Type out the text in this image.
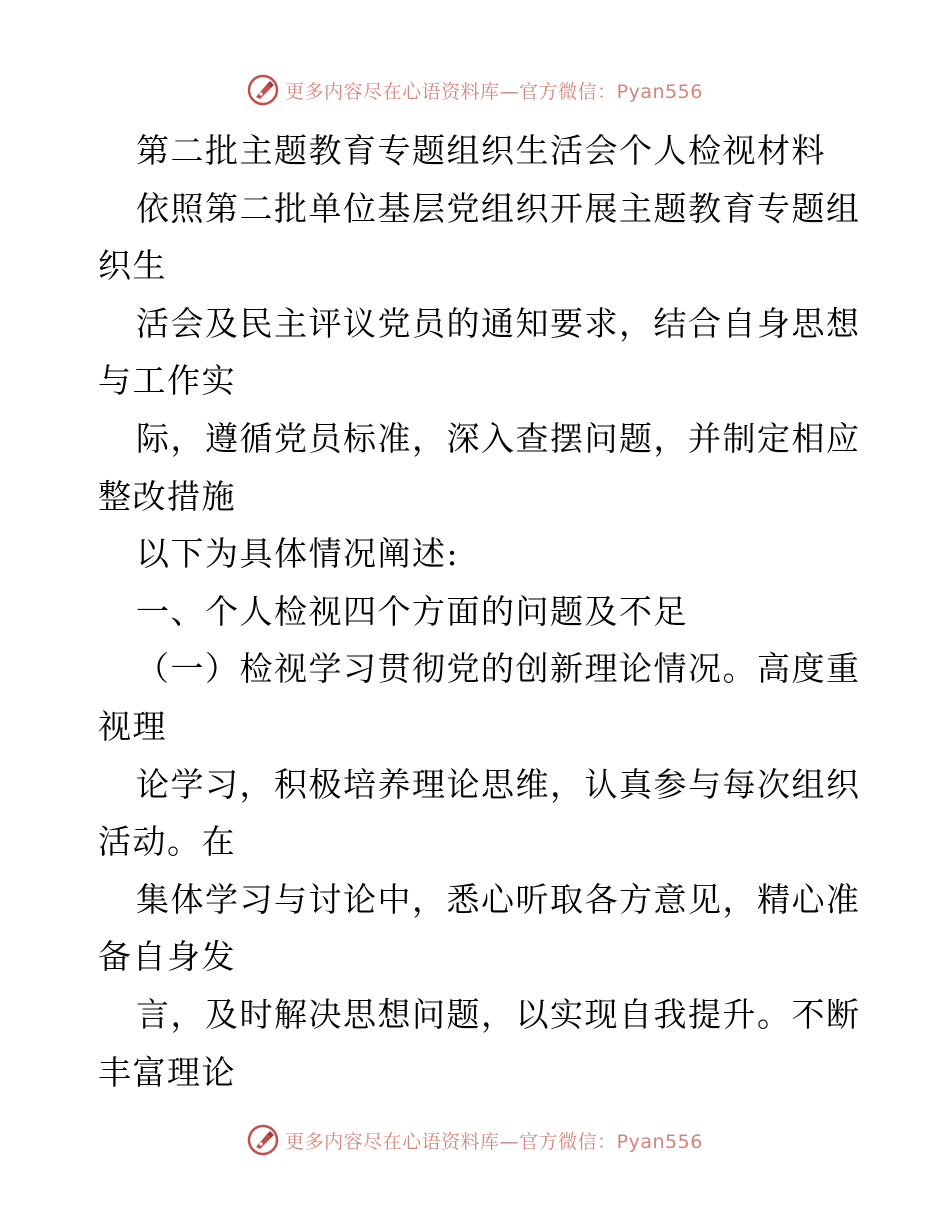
更多内容尽在心语资料库—官方微信：Pyan556
第二批主题教育专题组织生活会个人检视材料
依照第二批单位基层党组织开展主题教育专题组
织生
活会及民主评议党员的通知要求，结合自身思想
与工作实
际，遵循党员标准，深入查摆问题，并制定相应
整改措施
以下为具体情况阐述:
一、个人检视四个方面的问题及不足
（一）检视学习贯彻党的创新理论情况。高度重
视理
论学习，积极培养理论思维，认真参与每次组织
活动。在
集体学习与讨论中，悉心听取各方意见，精心准
备自身发
言，及时解决思想问题，以实现自我提升。不断
丰富理论
更多内容尽在心语资料库—官方微信：Pyan556
